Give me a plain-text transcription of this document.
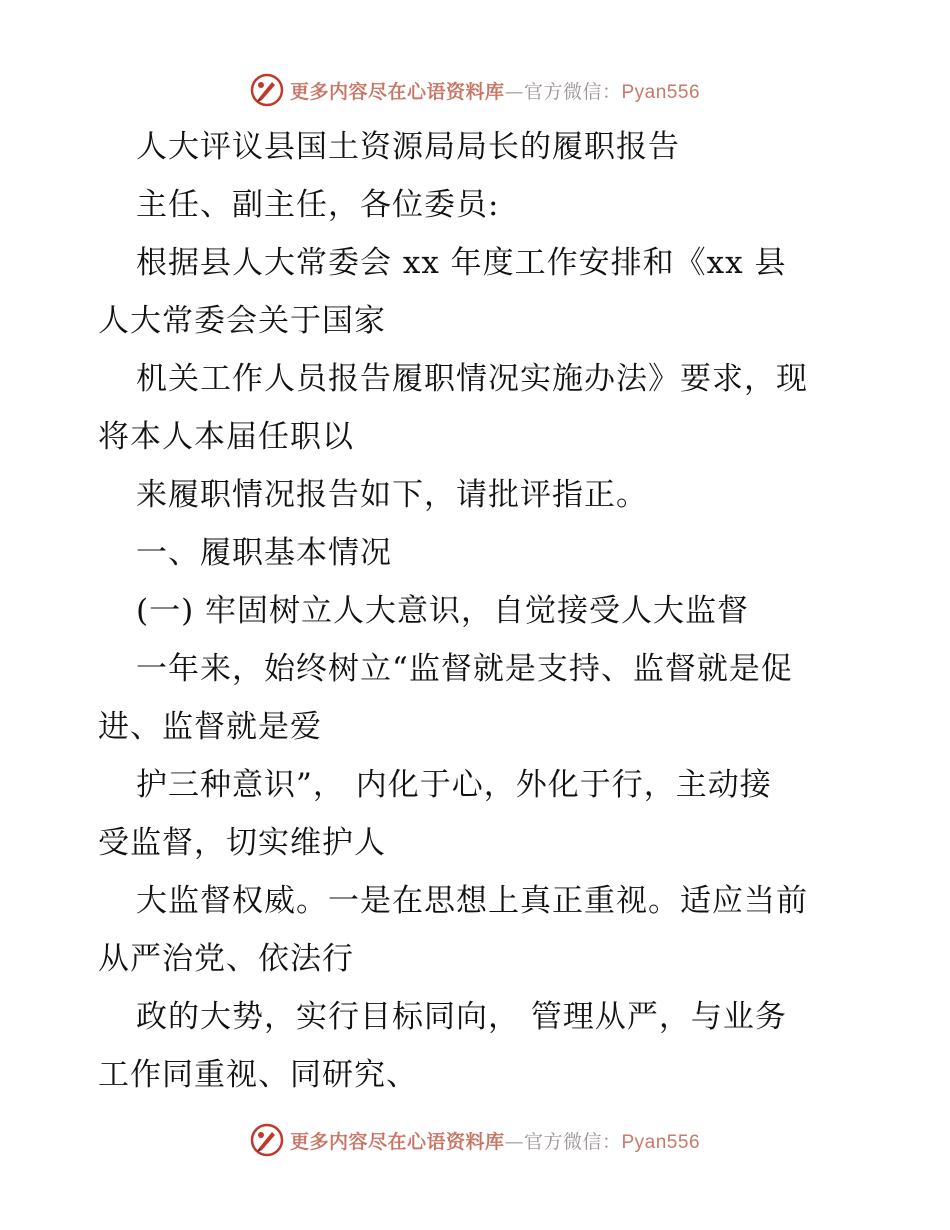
更多内容尽在心语资料库—官方微信：Pyan556
人大评议县国土资源局局长的履职报告
主任、副主任，各位委员:
根据县人大常委会 xx 年度工作安排和《xx 县
人大常委会关于国家
机关工作人员报告履职情况实施办法》要求，现
将本人本届任职以
来履职情况报告如下，请批评指正。
一、履职基本情况
(一) 牢固树立人大意识，自觉接受人大监督
一年来，始终树立“监督就是支持、监督就是促
进、监督就是爱
护三种意识”， 内化于心，外化于行，主动接
受监督，切实维护人
大监督权威。一是在思想上真正重视。适应当前
从严治党、依法行
政的大势，实行目标同向， 管理从严，与业务
工作同重视、同研究、
更多内容尽在心语资料库—官方微信：Pyan556
